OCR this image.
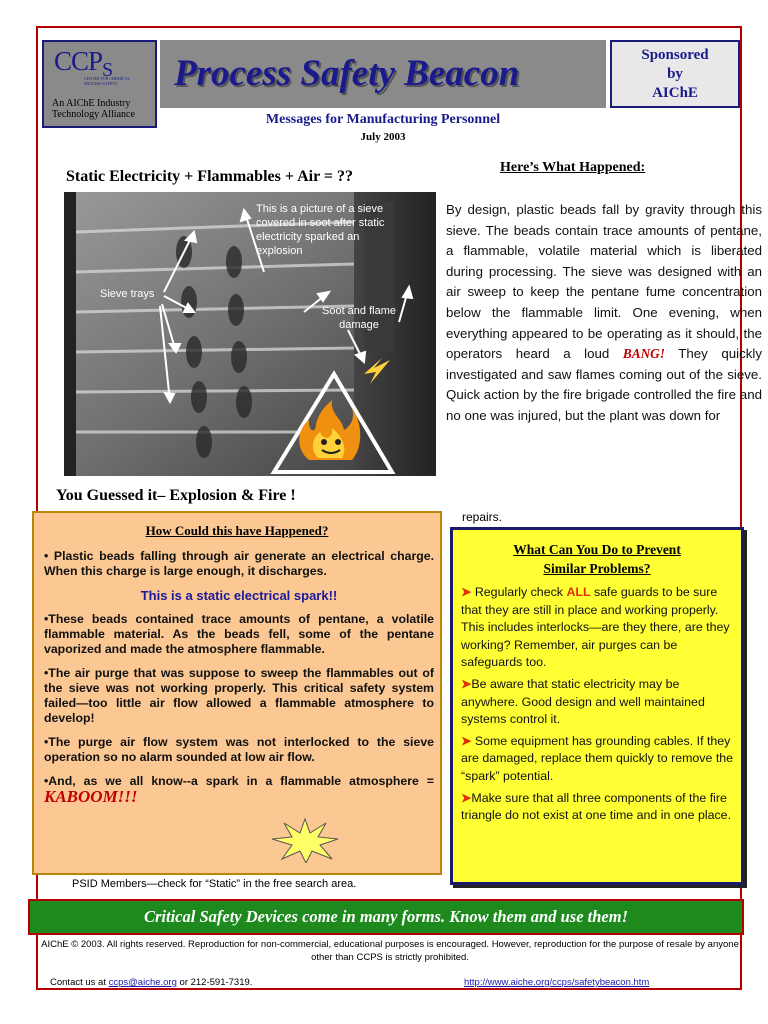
$CCP_S$
CENTER FOR CHEMICAL PROCESS SAFETY
An AIChE Industry
Technology Alliance
Process Safety Beacon	Sponsored
by
AIChE
Messages for Manufacturing Personnel
July 2003
Static Electricity + Flammables + Air = ??
This is a picture of a sieve covered in soot after static electricity sparked an explosion
Sieve trays
Soot and flame damage
You Guessed it– Explosion & Fire !
Here’s What Happened:
By design, plastic beads fall by gravity through this sieve. The beads contain trace amounts of pentane, a flammable, volatile material which is liberated during processing. The sieve was designed with an air sweep to keep the pentane fume concentration below the flammable limit. One evening, when everything appeared to be operating as it should, the operators heard a loud BANG! They quickly investigated and saw flames coming out of the sieve. Quick action by the fire brigade controlled the fire and no one was injured, but the plant was down for
repairs.
How Could this have Happened?

• Plastic beads falling through air generate an electrical charge. When this charge is large enough, it discharges.

This is a static electrical spark!!

•These beads contained trace amounts of pentane, a volatile flammable material. As the beads fell, some of the pentane vaporized and made the atmosphere flammable.

•The air purge that was suppose to sweep the flammables out of the sieve was not working properly. This critical safety system failed—too little air flow allowed a flammable atmosphere to develop!

•The purge air flow system was not interlocked to the sieve operation so no alarm sounded at low air flow.

•And, as we all know--a spark in a flammable atmosphere = KABOOM!!!

What Can You Do to Prevent
Similar Problems?

➤ Regularly check ALL safe guards to be sure that they are still in place and working properly. This includes interlocks—are they there, are they working? Remember, air purges can be safeguards too.

➤Be aware that static electricity may be anywhere. Good design and well maintained systems control it.

➤ Some equipment has grounding cables. If they are damaged, replace them quickly to remove the “spark” potential.

➤Make sure that all three components of the fire triangle do not exist at one time and in one place.

PSID Members—check for “Static” in the free search area.
Critical Safety Devices come in many forms. Know them and use them!
AIChE © 2003. All rights reserved. Reproduction for non-commercial, educational purposes is encouraged. However, reproduction for the purpose of resale by anyone other than CCPS is strictly prohibited.
Contact us at ccps@aiche.org or 212-591-7319.	http://www.aiche.org/ccps/safetybeacon.htm
